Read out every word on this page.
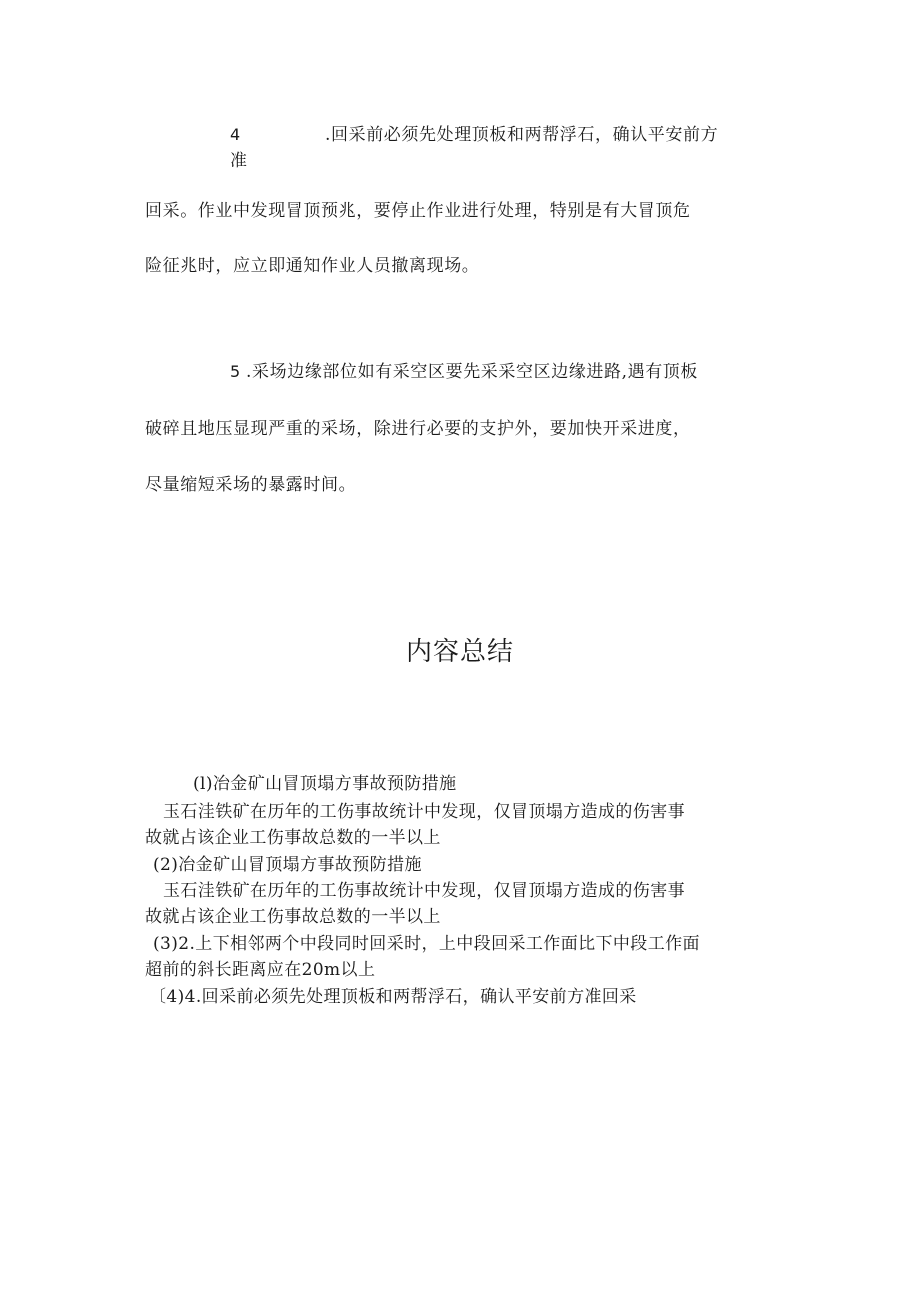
4	.回采前必须先处理顶板和两帮浮石，确认平安前方
准
回采。作业中发现冒顶预兆，要停止作业进行处理，特别是有大冒顶危
险征兆时，应立即通知作业人员撤离现场。
5 .采场边缘部位如有采空区要先采采空区边缘进路,遇有顶板
破碎且地压显现严重的采场，除进行必要的支护外，要加快开采进度，
尽量缩短采场的暴露时间。
内容总结
(l)冶金矿山冒顶塌方事故预防措施
玉石洼铁矿在历年的工伤事故统计中发现，仅冒顶塌方造成的伤害事
故就占该企业工伤事故总数的一半以上
(2)冶金矿山冒顶塌方事故预防措施
玉石洼铁矿在历年的工伤事故统计中发现，仅冒顶塌方造成的伤害事
故就占该企业工伤事故总数的一半以上
(3)2.上下相邻两个中段同时回采时，上中段回采工作面比下中段工作面
超前的斜长距离应在20m以上
〔4)4.回采前必须先处理顶板和两帮浮石，确认平安前方准回采
